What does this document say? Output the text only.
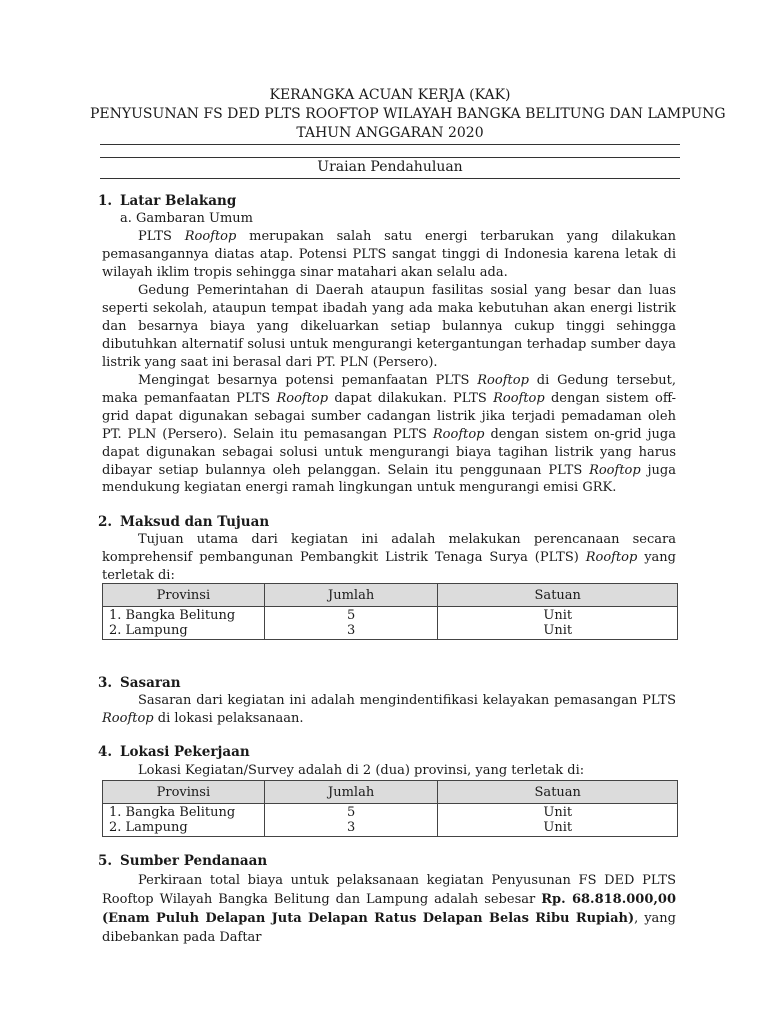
KERANGKA ACUAN KERJA (KAK)
PENYUSUNAN FS DED PLTS ROOFTOP WILAYAH BANGKA BELITUNG DAN LAMPUNG
TAHUN ANGGARAN 2020
Uraian Pendahuluan
1. Latar Belakang
a. Gambaran Umum

PLTS Rooftop merupakan salah satu energi terbarukan yang dilakukan pemasangannya diatas atap. Potensi PLTS sangat tinggi di Indonesia karena letak di wilayah iklim tropis sehingga sinar matahari akan selalu ada.

Gedung Pemerintahan di Daerah ataupun fasilitas sosial yang besar dan luas seperti sekolah, ataupun tempat ibadah yang ada maka kebutuhan akan energi listrik dan besarnya biaya yang dikeluarkan setiap bulannya cukup tinggi sehingga dibutuhkan alternatif solusi untuk mengurangi ketergantungan terhadap sumber daya listrik yang saat ini berasal dari PT. PLN (Persero).

Mengingat besarnya potensi pemanfaatan PLTS Rooftop di Gedung tersebut, maka pemanfaatan PLTS Rooftop dapat dilakukan. PLTS Rooftop dengan sistem off-grid dapat digunakan sebagai sumber cadangan listrik jika terjadi pemadaman oleh PT. PLN (Persero). Selain itu pemasangan PLTS Rooftop dengan sistem on-grid juga dapat digunakan sebagai solusi untuk mengurangi biaya tagihan listrik yang harus dibayar setiap bulannya oleh pelanggan. Selain itu penggunaan PLTS Rooftop juga mendukung kegiatan energi ramah lingkungan untuk mengurangi emisi GRK.

2. Maksud dan Tujuan

Tujuan utama dari kegiatan ini adalah melakukan perencanaan secara komprehensif pembangunan Pembangkit Listrik Tenaga Surya (PLTS) Rooftop yang terletak di:

Provinsi	Jumlah	Satuan
1. Bangka Belitung	5	Unit
2. Lampung	3	Unit
3. Sasaran

Sasaran dari kegiatan ini adalah mengindentifikasi kelayakan pemasangan PLTS Rooftop di lokasi pelaksanaan.

4. Lokasi Pekerjaan

Lokasi Kegiatan/Survey adalah di 2 (dua) provinsi, yang terletak di:

Provinsi	Jumlah	Satuan
1. Bangka Belitung	5	Unit
2. Lampung	3	Unit
5. Sumber Pendanaan

Perkiraan total biaya untuk pelaksanaan kegiatan Penyusunan FS DED PLTS Rooftop Wilayah Bangka Belitung dan Lampung adalah sebesar Rp. 68.818.000,00 (Enam Puluh Delapan Juta Delapan Ratus Delapan Belas Ribu Rupiah), yang dibebankan pada Daftar
